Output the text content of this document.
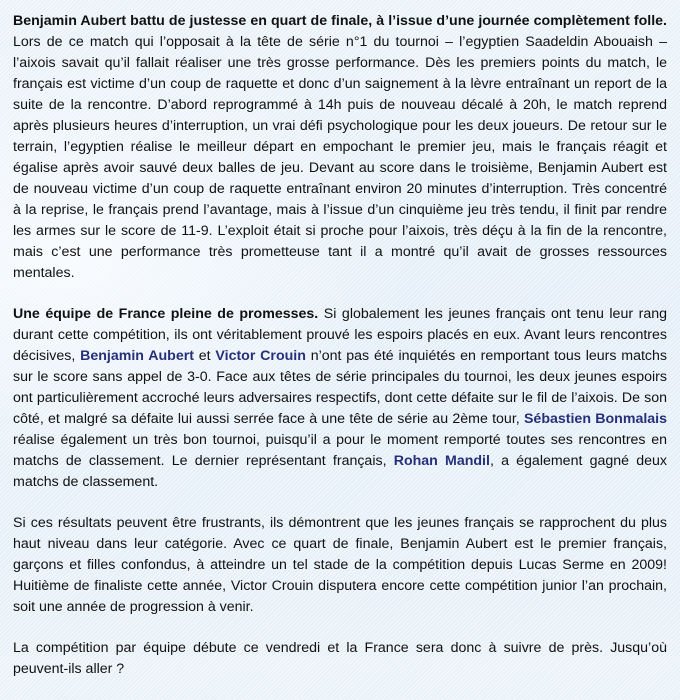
Benjamin Aubert battu de justesse en quart de finale, à l’issue d’une journée complètement folle. Lors de ce match qui l’opposait à la tête de série n°1 du tournoi – l’egyptien Saadeldin Abouaish – l’aixois savait qu’il fallait réaliser une très grosse performance. Dès les premiers points du match, le français est victime d’un coup de raquette et donc d’un saignement à la lèvre entraînant un report de la suite de la rencontre. D’abord reprogrammé à 14h puis de nouveau décalé à 20h, le match reprend après plusieurs heures d’interruption, un vrai défi psychologique pour les deux joueurs. De retour sur le terrain, l’egyptien réalise le meilleur départ en empochant le premier jeu, mais le français réagit et égalise après avoir sauvé deux balles de jeu. Devant au score dans le troisième, Benjamin Aubert est de nouveau victime d’un coup de raquette entraînant environ 20 minutes d’interruption. Très concentré à la reprise, le français prend l’avantage, mais à l’issue d’un cinquième jeu très tendu, il finit par rendre les armes sur le score de 11-9. L’exploit était si proche pour l’aixois, très déçu à la fin de la rencontre, mais c’est une performance très prometteuse tant il a montré qu’il avait de grosses ressources mentales.

Une équipe de France pleine de promesses. Si globalement les jeunes français ont tenu leur rang durant cette compétition, ils ont véritablement prouvé les espoirs placés en eux. Avant leurs rencontres décisives, Benjamin Aubert et Victor Crouin n’ont pas été inquiétés en remportant tous leurs matchs sur le score sans appel de 3-0. Face aux têtes de série principales du tournoi, les deux jeunes espoirs ont particulièrement accroché leurs adversaires respectifs, dont cette défaite sur le fil de l’aixois. De son côté, et malgré sa défaite lui aussi serrée face à une tête de série au 2ème tour, Sébastien Bonmalais réalise également un très bon tournoi, puisqu’il a pour le moment remporté toutes ses rencontres en matchs de classement. Le dernier représentant français, Rohan Mandil, a également gagné deux matchs de classement.

Si ces résultats peuvent être frustrants, ils démontrent que les jeunes français se rapprochent du plus haut niveau dans leur catégorie. Avec ce quart de finale, Benjamin Aubert est le premier français, garçons et filles confondus, à atteindre un tel stade de la compétition depuis Lucas Serme en 2009! Huitième de finaliste cette année, Victor Crouin disputera encore cette compétition junior l’an prochain, soit une année de progression à venir.

La compétition par équipe débute ce vendredi et la France sera donc à suivre de près. Jusqu’où peuvent-ils aller ?
